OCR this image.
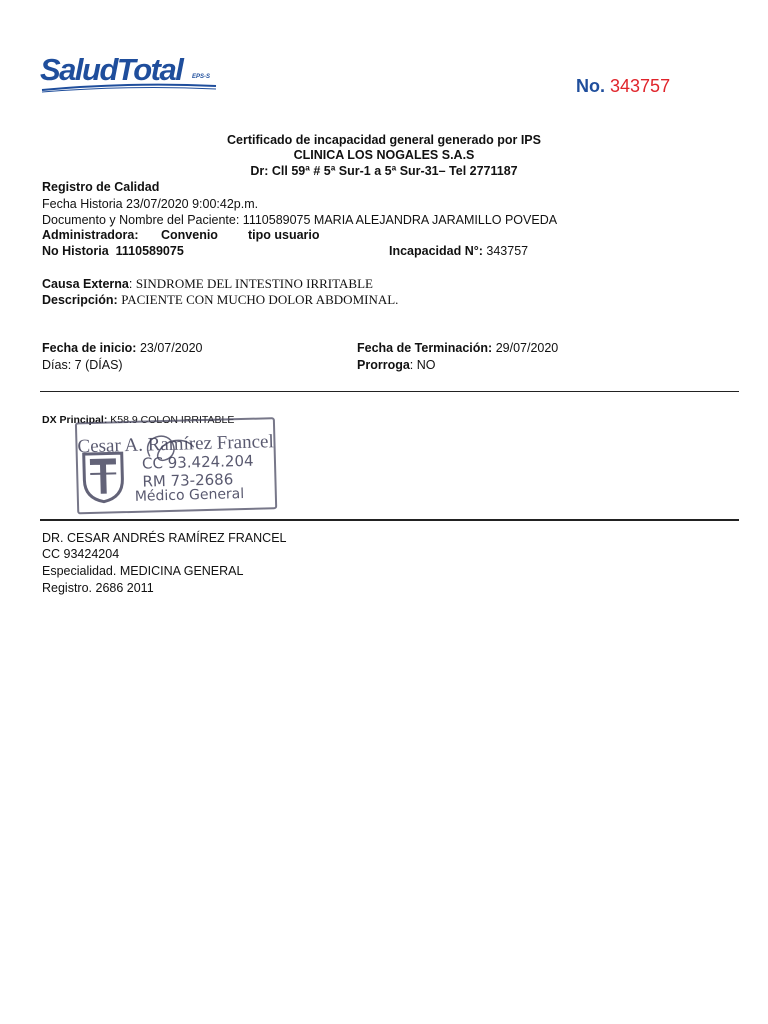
SaludTotal EPS-S	No. 343757
Certificado de incapacidad general generado por IPS
CLINICA LOS NOGALES S.A.S
Dr: Cll 59ª # 5ª Sur-1 a 5ª Sur-31– Tel 2771187
Registro de Calidad
Fecha Historia 23/07/2020 9:00:42p.m.
Documento y Nombre del Paciente: 1110589075 MARIA ALEJANDRA JARAMILLO POVEDA
Administradora: Convenio tipo usuario
No Historia 1110589075	Incapacidad N°: 343757
Causa Externa: SINDROME DEL INTESTINO IRRITABLE
Descripción: PACIENTE CON MUCHO DOLOR ABDOMINAL.
Fecha de inicio: 23/07/2020
Días: 7 (DÍAS)
Fecha de Terminación: 29/07/2020
Prorroga: NO
DX Principal: K58.9 COLON IRRITABLE
Cesar A. Ramírez Francel
CC 93.424.204
RM 73-2686
Médico General
DR. CESAR ANDRÉS RAMÍREZ FRANCEL
CC 93424204
Especialidad. MEDICINA GENERAL
Registro. 2686 2011
